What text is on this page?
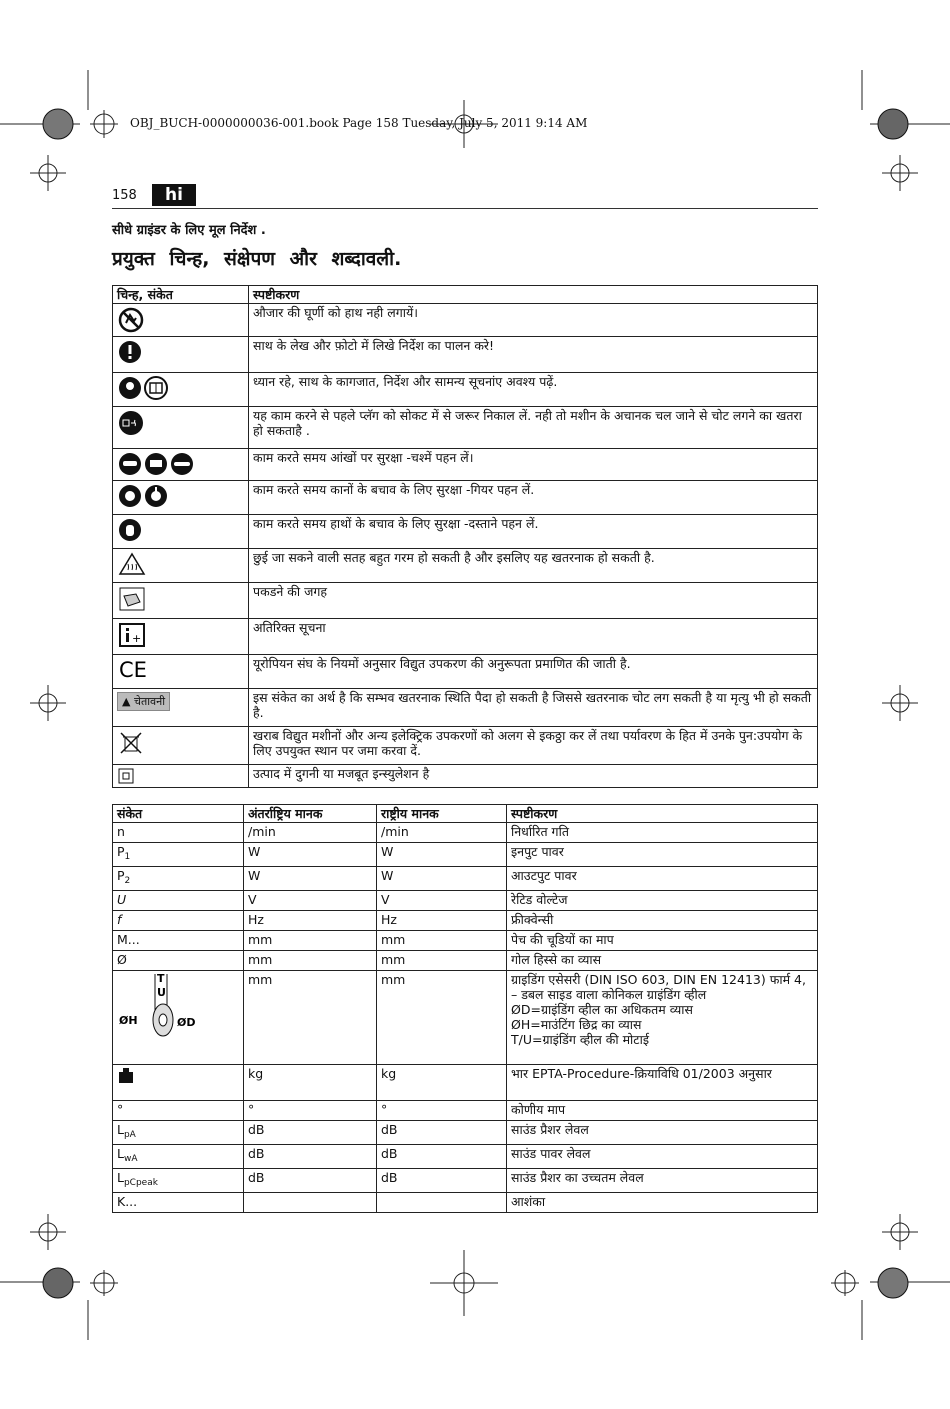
OBJ_BUCH-0000000036-001.book Page 158 Tuesday, July 5, 2011 9:14 AM
158	hi
सीधे ग्राइंडर के लिए मूल निर्देश .
प्रयुक्त चिन्ह, संक्षेपण और शब्दावली.
चिन्ह, संकेत	स्पष्टीकरण
	औजार की घूर्णी को हाथ नही लगायें।
	साथ के लेख और फ़ोटो में लिखे निर्देश का पालन करे!
	ध्यान रहे, साथ के कागजात, निर्देश और सामन्य सूचनांए अवश्य पढ़ें.
	यह काम करने से पहले प्लॅग को सोकट में से जरूर निकाल लें. नही तो मशीन के अचानक चल जाने से चोट लगने का खतरा हो सकताहै .
	काम करते समय आंखों पर सुरक्षा -चश्में पहन लें।
	काम करते समय कानों के बचाव के लिए सुरक्षा -गियर पहन लें.
	काम करते समय हाथों के बचाव के लिए सुरक्षा -दस्ताने पहन लें.
	छुई जा सकने वाली सतह बहुत गरम हो सकती है और इसलिए यह खतरनाक हो सकती है.
	पकडने की जगह

+	अतिरिक्त सूचना

CE	यूरोपियन संघ के नियमों अनुसार विद्युत उपकरण की अनुरूपता प्रमाणित की जाती है.
▲ चेतावनी	इस संकेत का अर्थ है कि सम्भव खतरनाक स्थिति पैदा हो सकती है जिससे खतरनाक चोट लग सकती है या मृत्यु भी हो सकती है.
	खराब विद्युत मशीनों और अन्य इलेक्ट्रिक उपकरणों को अलग से इकठ्ठा कर लें तथा पर्यावरण के हित में उनके पुन:उपयोग के लिए उपयुक्त स्थान पर जमा करवा दें.
	उत्पाद में दुगनी या मजबूत इन्स्युलेशन है
संकेत	अंतर्राष्ट्रिय मानक	राष्ट्रीय मानक	स्पष्टीकरण
n	/min	/min	निर्धारित गति
$P_1$	W	W	इनपुट पावर
$P_2$	W	W	आउटपुट पावर
U	V	V	रेटिड वोल्टेज
f	Hz	Hz	फ्रीक्वेन्सी
M...	mm	mm	पेच की चूडियों का माप
Ø	mm	mm	गोल हिस्से का व्यास

T
U
ØH ØD	mm	mm	ग्राइडिंग एसेसरी (DIN ISO 603, DIN EN 12413) फार्म 4, – डबल साइड वाला कोनिकल ग्राइंडिंग व्हील
ØD=ग्राइंडिंग व्हील का अधिकतम व्यास
ØH=माउंटिंग छिद्र का व्यास
T/U=ग्राइंडिंग व्हील की मोटाई
	kg	kg	भार EPTA-Procedure-क्रियाविधि 01/2003 अनुसार
°	°	°	कोणीय माप
$L_{pA}$	dB	dB	साउंड प्रैशर लेवल
$L_{wA}$	dB	dB	साउंड पावर लेवल
$L_{pCpeak}$	dB	dB	साउंड प्रैशर का उच्चतम लेवल
K...			आशंका
